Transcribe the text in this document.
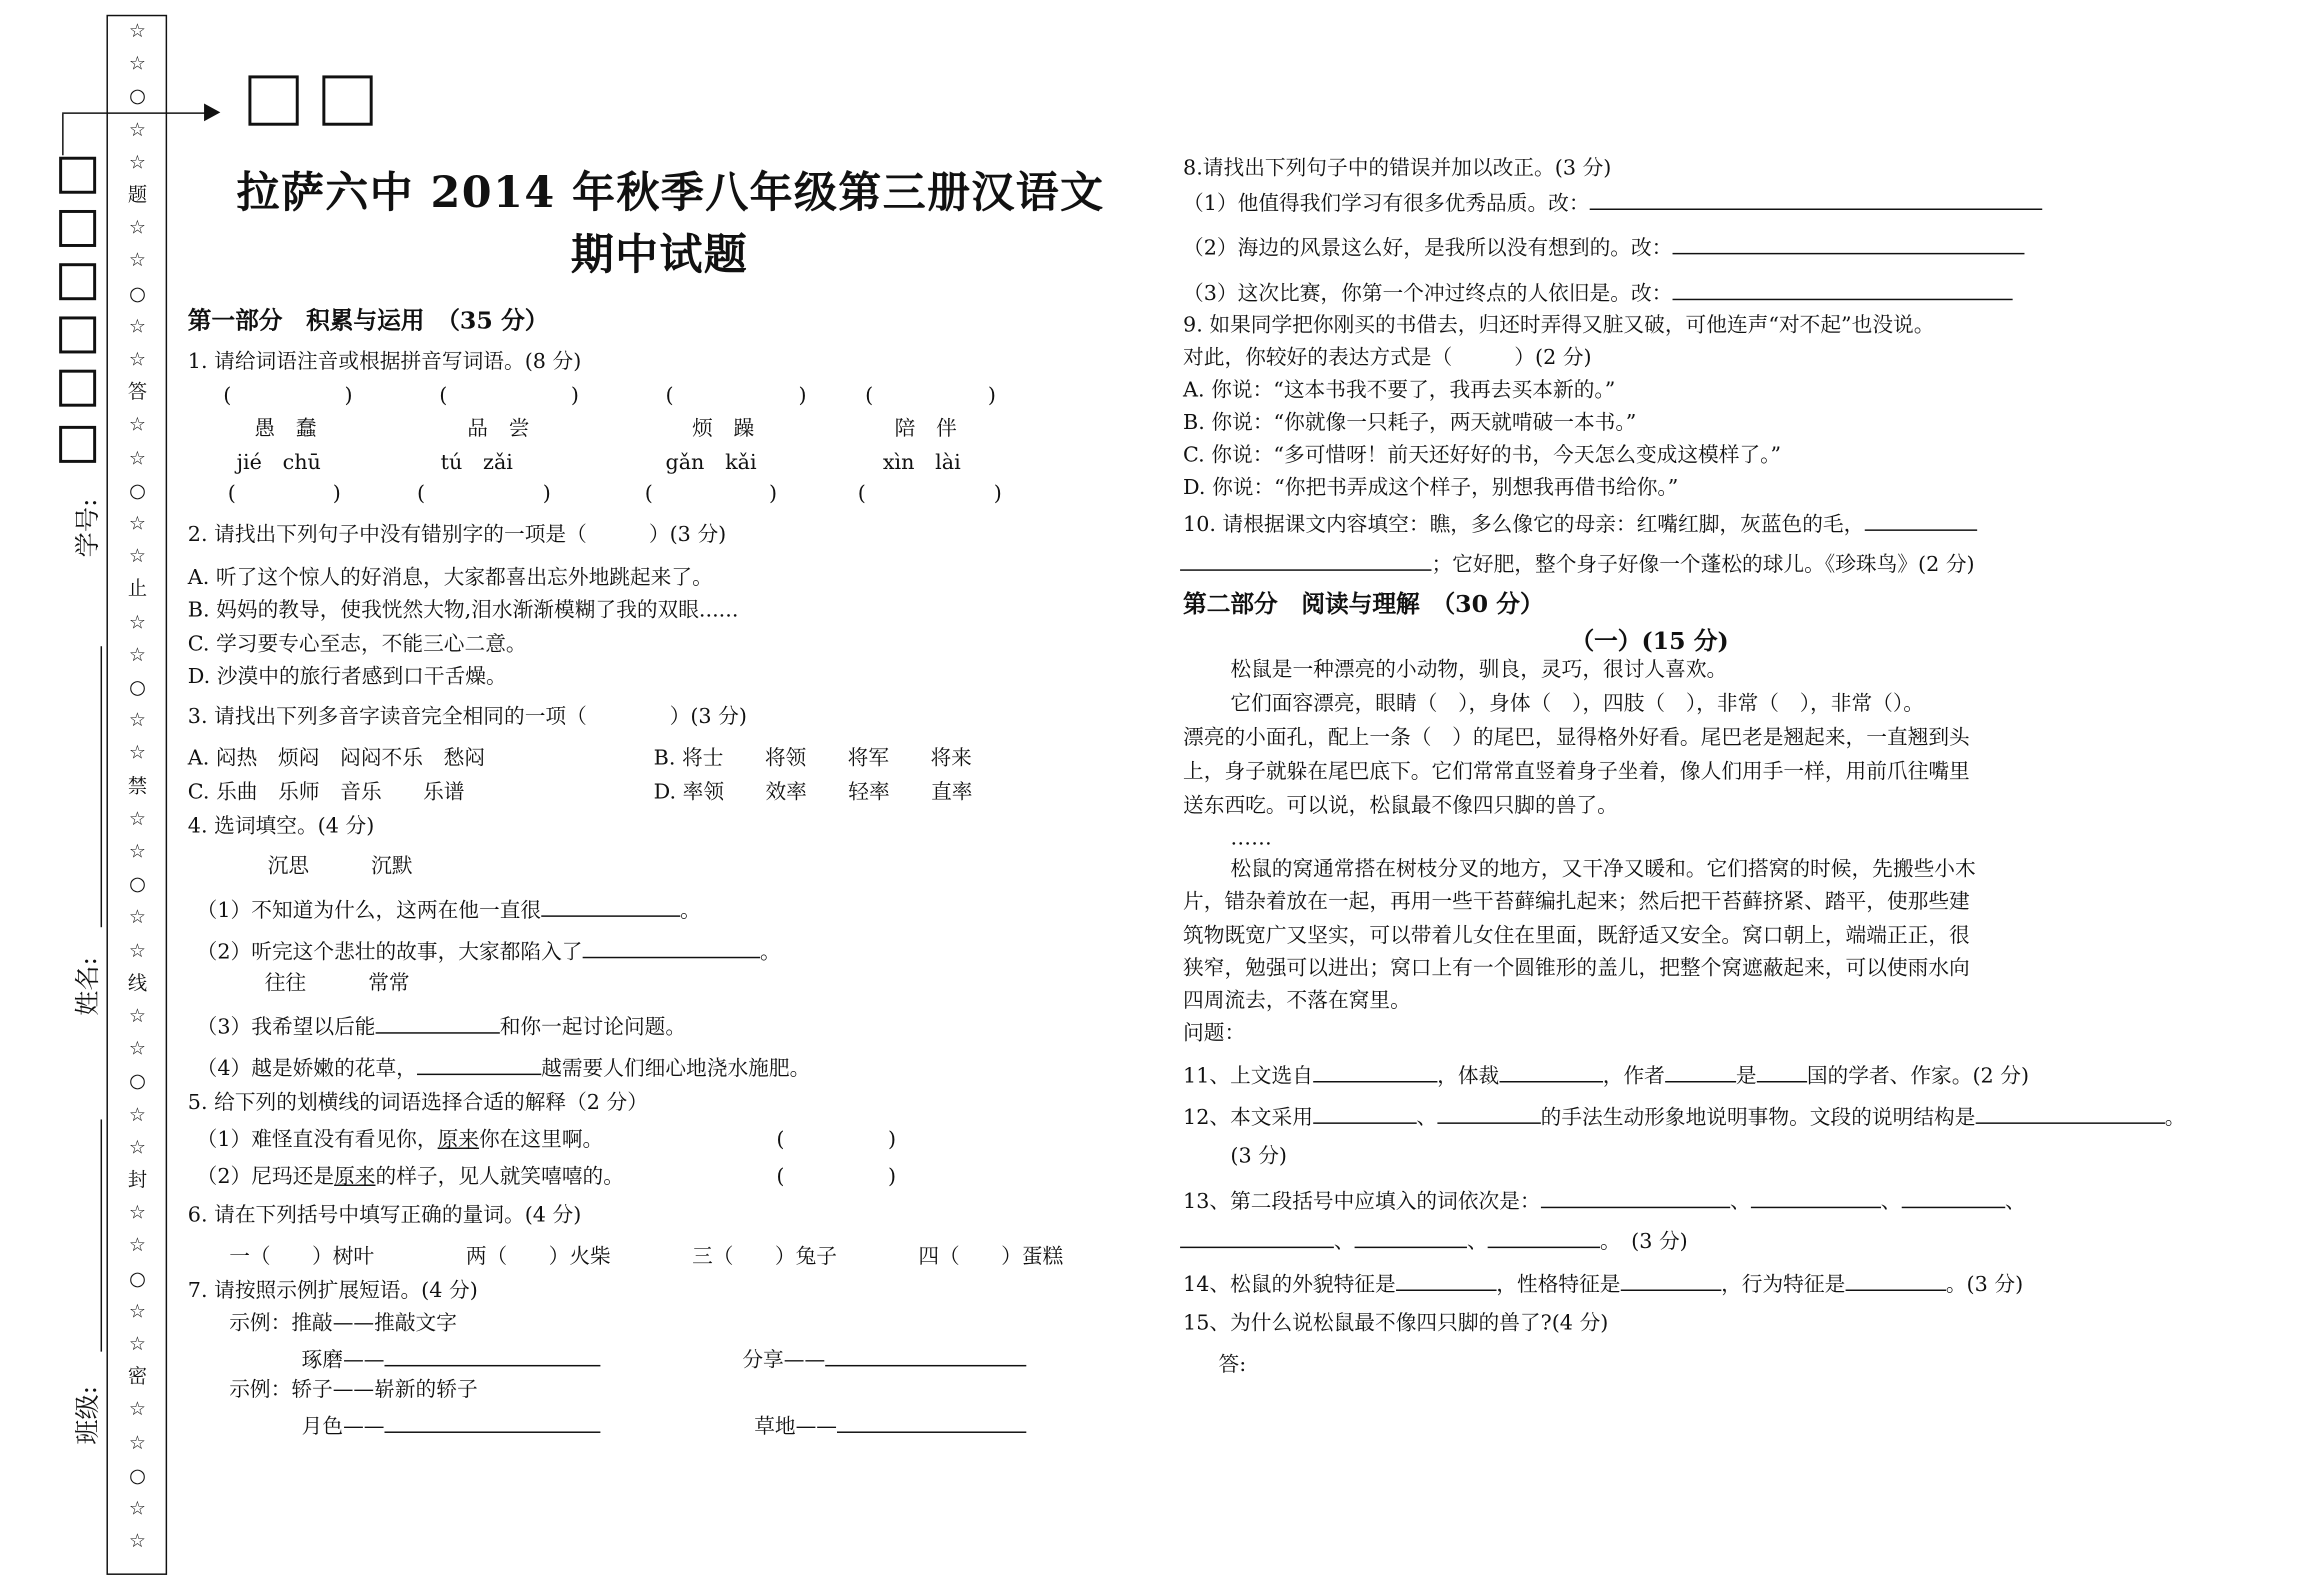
☆
☆
○
☆
☆
题
☆
☆
○
☆
☆
答
☆
☆
○
☆
☆
止
☆
☆
○
☆
☆
禁
☆
☆
○
☆
☆
线
☆
☆
○
☆
☆
封
☆
☆
○
☆
☆
密
☆
☆
○
☆
☆
学号:
姓名:
班级:
拉萨六中 2014 年秋季八年级第三册汉语文
期中试题
第一部分　积累与运用　（35 分）
1. 请给词语注音或根据拼音写词语。(8 分)
(	)	(	)	(	)	(	)
愚　蠢	品　尝	烦　躁	陪　伴
jié　chū	tú　zǎi	gǎn　kǎi	xìn　lài
(	)	(	)	(	)	(	)
2. 请找出下列句子中没有错别字的一项是（　　　）(3 分)
A. 听了这个惊人的好消息，大家都喜出忘外地跳起来了。
B. 妈妈的教导，使我恍然大物,泪水渐渐模糊了我的双眼......
C. 学习要专心至志，不能三心二意。
D. 沙漠中的旅行者感到口干舌燥。
3. 请找出下列多音字读音完全相同的一项（　　　　）(3 分)
A. 闷热　烦闷　闷闷不乐　愁闷	B. 将士　　将领　　将军　　将来
C. 乐曲　乐师　音乐　　乐谱	D. 率领　　效率　　轻率　　直率
4. 选词填空。(4 分)
沉思　　　沉默
（1）不知道为什么，这两在他一直很	。
（2）听完这个悲壮的故事，大家都陷入了	。
往往　　　常常
（3）我希望以后能	和你一起讨论问题。
（4）越是娇嫩的花草，	越需要人们细心地浇水施肥。
5. 给下列的划横线的词语选择合适的解释（2 分）
（1）难怪直没有看见你，原来你在这里啊。	(　　　　　)
（2）尼玛还是原来的样子，见人就笑嘻嘻的。	(　　　　　)
6. 请在下列括号中填写正确的量词。(4 分)
一（　　）树叶	两（　　）火柴	三（　　）兔子	四（　　）蛋糕
7. 请按照示例扩展短语。(4 分)
示例：推敲——推敲文字
琢磨——	分享——
示例：轿子——崭新的轿子
月色——	草地——
8.请找出下列句子中的错误并加以改正。(3 分)
（1）他值得我们学习有很多优秀品质。改：
（2）海边的风景这么好，是我所以没有想到的。改：
（3）这次比赛，你第一个冲过终点的人依旧是。改：
9. 如果同学把你刚买的书借去，归还时弄得又脏又破，可他连声“对不起”也没说。
对此，你较好的表达方式是（　　　）(2 分)
A. 你说：“这本书我不要了，我再去买本新的。”
B. 你说：“你就像一只耗子，两天就啃破一本书。”
C. 你说：“多可惜呀！前天还好好的书，今天怎么变成这模样了。”
D. 你说：“你把书弄成这个样子，别想我再借书给你。”
10. 请根据课文内容填空：瞧，多么像它的母亲：红嘴红脚，灰蓝色的毛，
；它好肥，整个身子好像一个蓬松的球儿。《珍珠鸟》(2 分)
第二部分　阅读与理解　（30 分）
（一）(15 分)
松鼠是一种漂亮的小动物，驯良，灵巧，很讨人喜欢。
它们面容漂亮，眼睛（　），身体（　），四肢（　），非常（　），非常（）。
漂亮的小面孔，配上一条（　）的尾巴，显得格外好看。尾巴老是翘起来，一直翘到头
上，身子就躲在尾巴底下。它们常常直竖着身子坐着，像人们用手一样，用前爪往嘴里
送东西吃。可以说，松鼠最不像四只脚的兽了。
……
松鼠的窝通常搭在树枝分叉的地方，又干净又暖和。它们搭窝的时候，先搬些小木
片，错杂着放在一起，再用一些干苔藓编扎起来；然后把干苔藓挤紧、踏平，使那些建
筑物既宽广又坚实，可以带着儿女住在里面，既舒适又安全。窝口朝上，端端正正，很
狭窄，勉强可以进出；窝口上有一个圆锥形的盖儿，把整个窝遮蔽起来，可以使雨水向
四周流去，不落在窝里。
问题：
11、上文选自	，体裁	，作者	是	国的学者、作家。(2 分)
12、本文采用	、	的手法生动形象地说明事物。文段的说明结构是	。
(3 分)
13、第二段括号中应填入的词依次是：	、	、	、
、	、	。　(3 分)
14、松鼠的外貌特征是	，性格特征是	，行为特征是	。(3 分)
15、为什么说松鼠最不像四只脚的兽了?(4 分)
答:
